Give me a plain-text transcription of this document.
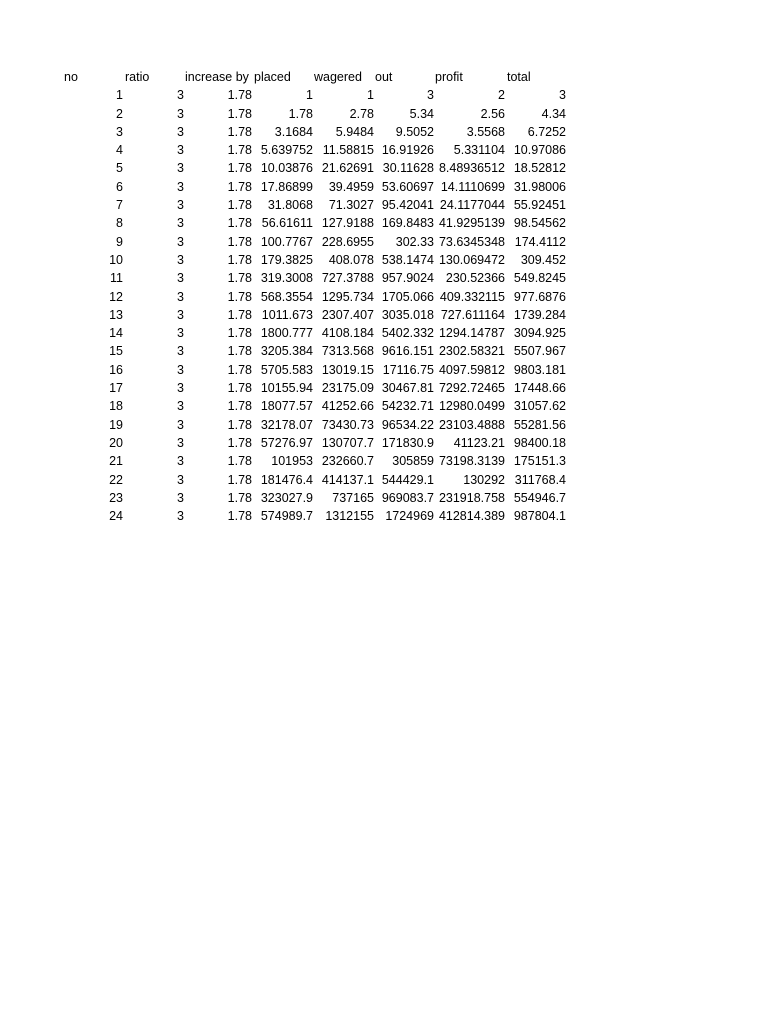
no	ratio	increase by placed wagered out	profit	total
1	3	1.78	1	1	3	2	3
2	3	1.78	1.78	2.78	5.34	2.56	4.34
3	3	1.78 3.1684 5.9484 9.5052	3.5568 6.7252
4	3	1.78 5.639752 11.58815 16.91926 5.331104 10.97086
5	3	1.78 10.03876 21.62691 30.11628 8.48936512 18.52812
6	3	1.78 17.86899 39.4959 53.60697 14.1110699 31.98006
7	3	1.78 31.8068 71.3027 95.42041 24.1177044 55.92451
8	3	1.78 56.61611 127.9188 169.8483 41.9295139 98.54562
9	3	1.78 100.7767 228.6955 302.33 73.6345348 174.4112
10	3	1.78 179.3825 408.078 538.1474 130.069472 309.452
11	3	1.78 319.3008 727.3788 957.9024 230.52366 549.8245
12	3	1.78 568.3554 1295.734 1705.066 409.332115 977.6876
13	3	1.78 1011.673 2307.407 3035.018 727.611164 1739.284
14	3	1.78 1800.777 4108.184 5402.332 1294.14787 3094.925
15	3	1.78 3205.384 7313.568 9616.151 2302.58321 5507.967
16	3	1.78 5705.583 13019.15 17116.75 4097.59812 9803.181
17	3	1.78 10155.94 23175.09 30467.81 7292.72465 17448.66
18	3	1.78 18077.57 41252.66 54232.71 12980.0499 31057.62
19	3	1.78 32178.07 73430.73 96534.22 23103.4888 55281.56
20	3	1.78 57276.97 130707.7 171830.9 41123.21 98400.18
21	3	1.78 101953 232660.7 305859 73198.3139 175151.3
22	3	1.78 181476.4 414137.1 544429.1 130292 311768.4
23	3	1.78 323027.9 737165 969083.7 231918.758 554946.7
24	3	1.78 574989.7 1312155 1724969 412814.389 987804.1
